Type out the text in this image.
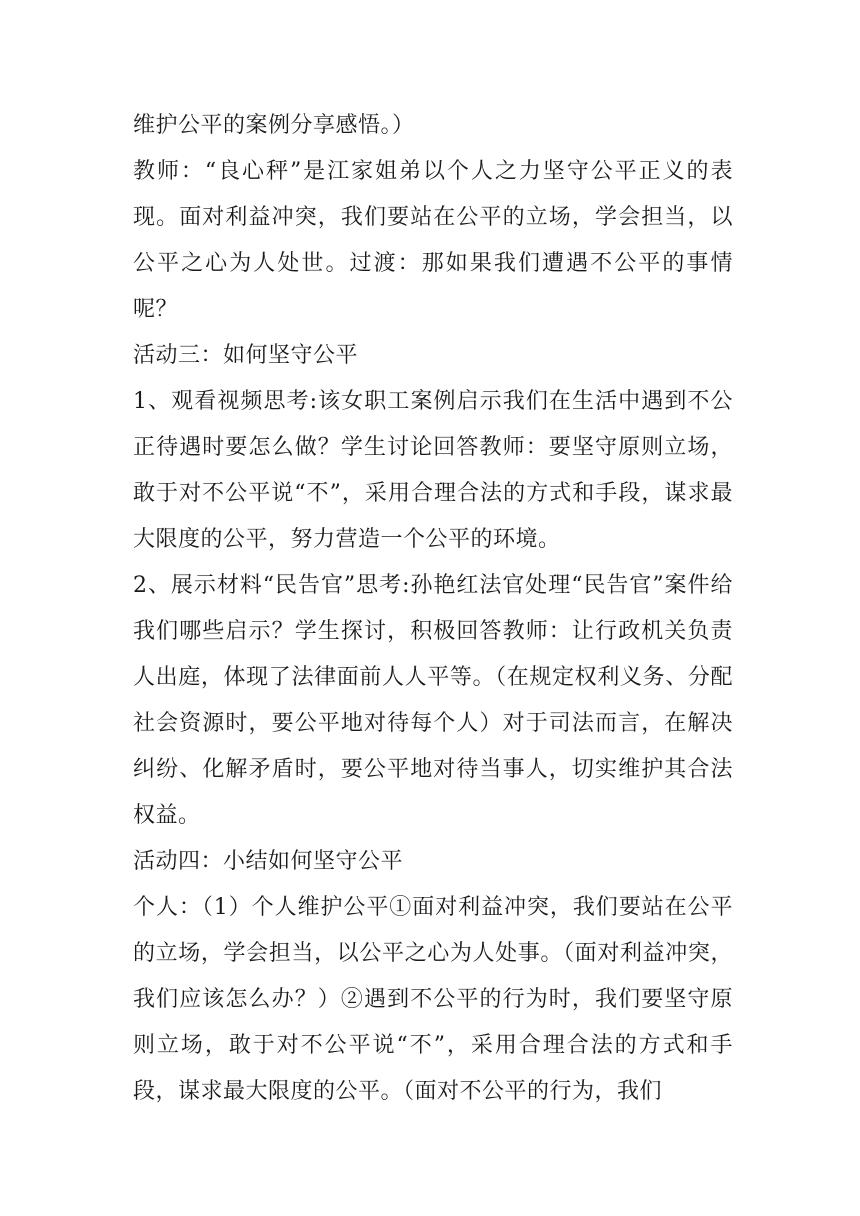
维护公平的案例分享感悟。）

教师：“良心秤”是江家姐弟以个人之力坚守公平正义的表现。面对利益冲突，我们要站在公平的立场，学会担当，以公平之心为人处世。过渡：那如果我们遭遇不公平的事情呢？

活动三：如何坚守公平

1、观看视频思考:该女职工案例启示我们在生活中遇到不公正待遇时要怎么做？学生讨论回答教师：要坚守原则立场，敢于对不公平说“不”，采用合理合法的方式和手段，谋求最大限度的公平，努力营造一个公平的环境。

2、展示材料“民告官”思考:孙艳红法官处理“民告官”案件给我们哪些启示？学生探讨，积极回答教师：让行政机关负责人出庭，体现了法律面前人人平等。（在规定权利义务、分配社会资源时，要公平地对待每个人）对于司法而言，在解决纠纷、化解矛盾时，要公平地对待当事人，切实维护其合法权益。

活动四：小结如何坚守公平

个人：（1）个人维护公平①面对利益冲突，我们要站在公平的立场，学会担当，以公平之心为人处事。（面对利益冲突，我们应该怎么办？）②遇到不公平的行为时，我们要坚守原则立场，敢于对不公平说“不”，采用合理合法的方式和手段，谋求最大限度的公平。（面对不公平的行为，我们
